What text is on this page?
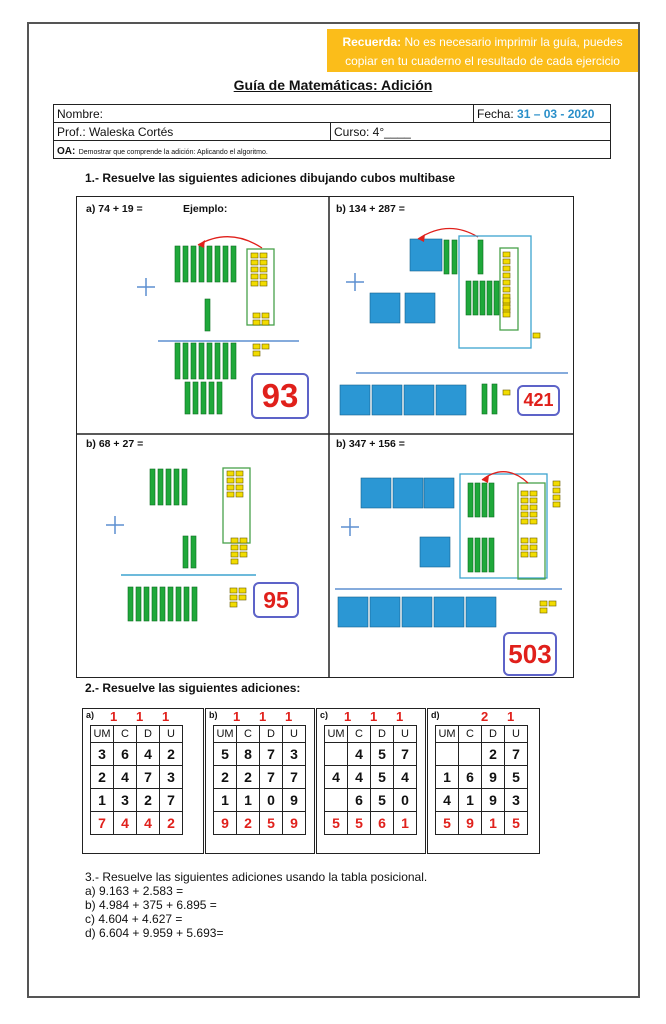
Recuerda: No es necesario imprimir la guía, puedes copiar en tu cuaderno el resultado de cada ejercicio
Guía de Matemáticas: Adición
Nombre:		Fecha: 31 – 03 - 2020
Prof.: Waleska Cortés	Curso: 4°____	
OA: Demostrar que comprende la adición: Aplicando el algoritmo.		
1.- Resuelve las siguientes adiciones dibujando cubos multibase
a) 74 + 19 =	Ejemplo:	b) 134 + 287 =
b) 68 + 27 =	b) 347 + 156 =
93	421
95
503
2.- Resuelve las siguientes adiciones:
a) 1 1 1
UM	C	D	U
3	6	4	2
2	4	7	3
1	3	2	7
7	4	4	2
b) 1 1 1
UM	C	D	U
5	8	7	3
2	2	7	7
1	1	0	9
9	2	5	9
c) 1 1 1
UM	C	D	U
	4	5	7
4	4	5	4
	6	5	0
5	5	6	1
d)	2 1
UM	C	D	U
		2	7
1	6	9	5
4	1	9	3
5	9	1	5
3.- Resuelve las siguientes adiciones usando la tabla posicional.
a) 9.163 + 2.583 =
b) 4.984 + 375 + 6.895 =
c) 4.604 + 4.627 =
d) 6.604 + 9.959 + 5.693=
